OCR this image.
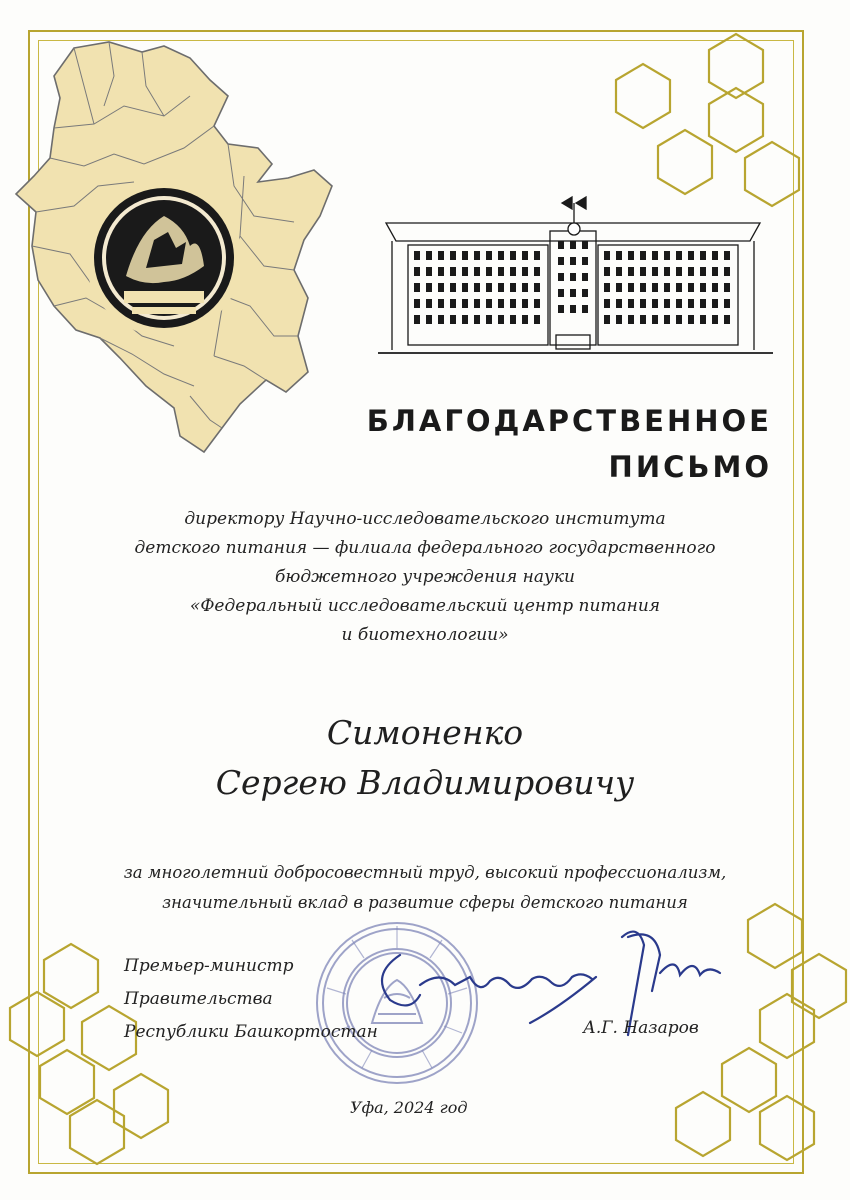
БЛАГОДАРСТВЕННОЕ
ПИСЬМО
директору Научно-исследовательского института
детского питания — филиала федерального государственного
бюджетного учреждения науки
«Федеральный исследовательский центр питания
и биотехнологии»
Симоненко
Сергею Владимировичу
за многолетний добросовестный труд, высокий профессионализм,
значительный вклад в развитие сферы детского питания
Премьер-министр
Правительства
Республики Башкортостан	А.Г. Назаров
Уфа, 2024 год
